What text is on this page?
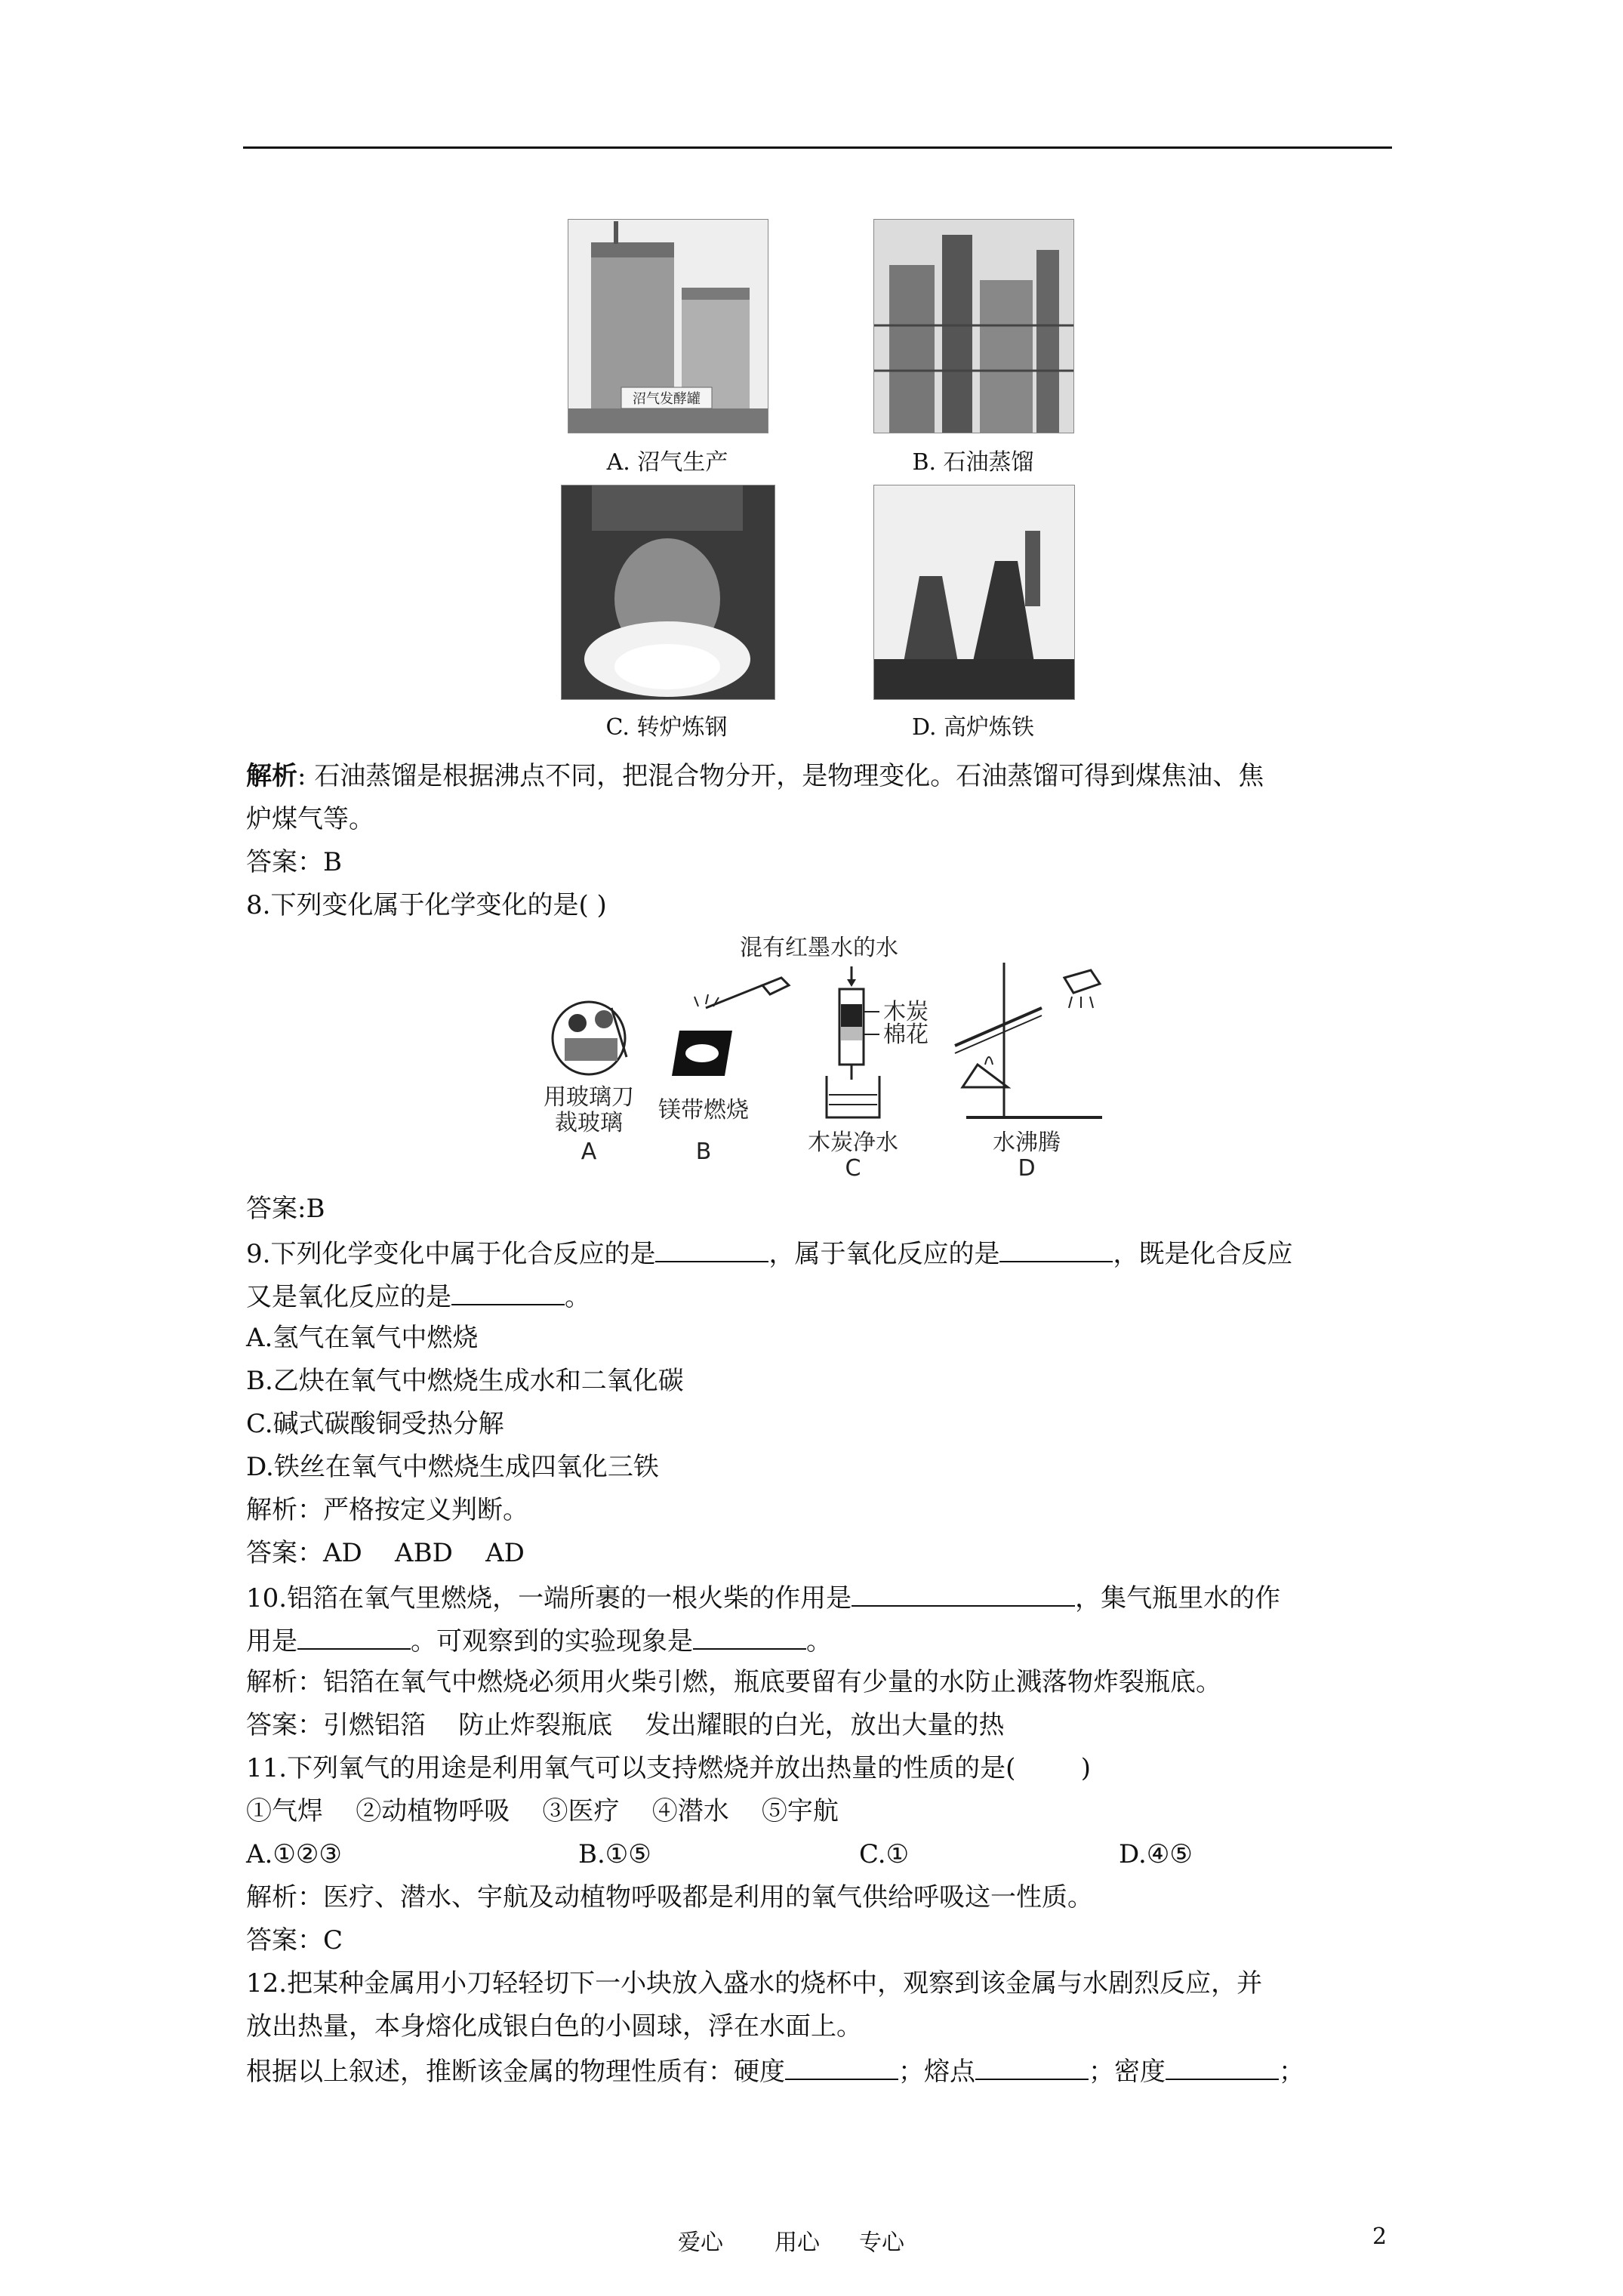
沼气发酵罐
A. 沼气生产	B. 石油蒸馏
C. 转炉炼钢	D. 高炉炼铁
解析: 石油蒸馏是根据沸点不同，把混合物分开，是物理变化。石油蒸馏可得到煤焦油、焦
炉煤气等。
答案：B
8.下列变化属于化学变化的是( )
用玻璃刀
裁玻璃
A
镁带燃烧
B
混有红墨水的水
木炭
棉花
木炭净水
C
水沸腾
D
答案:B
9.下列化学变化中属于化合反应的是	，属于氧化反应的是	，既是化合反应
又是氧化反应的是	。
A.氢气在氧气中燃烧
B.乙炔在氧气中燃烧生成水和二氧化碳
C.碱式碳酸铜受热分解
D.铁丝在氧气中燃烧生成四氧化三铁
解析：严格按定义判断。
答案：AD    ABD    AD
10.铝箔在氧气里燃烧，一端所裹的一根火柴的作用是	，集气瓶里水的作
用是	。可观察到的实验现象是	。
解析：铝箔在氧气中燃烧必须用火柴引燃，瓶底要留有少量的水防止溅落物炸裂瓶底。
答案：引燃铝箔    防止炸裂瓶底    发出耀眼的白光，放出大量的热
11.下列氧气的用途是利用氧气可以支持燃烧并放出热量的性质的是(        )
①气焊    ②动植物呼吸    ③医疗    ④潜水    ⑤宇航
A.①②③	B.①⑤	C.①	D.④⑤
解析：医疗、潜水、宇航及动植物呼吸都是利用的氧气供给呼吸这一性质。
答案：C
12.把某种金属用小刀轻轻切下一小块放入盛水的烧杯中，观察到该金属与水剧烈反应，并
放出热量，本身熔化成银白色的小圆球，浮在水面上。
根据以上叙述，推断该金属的物理性质有：硬度	；熔点	；密度	；
爱心 用心 专心	2
